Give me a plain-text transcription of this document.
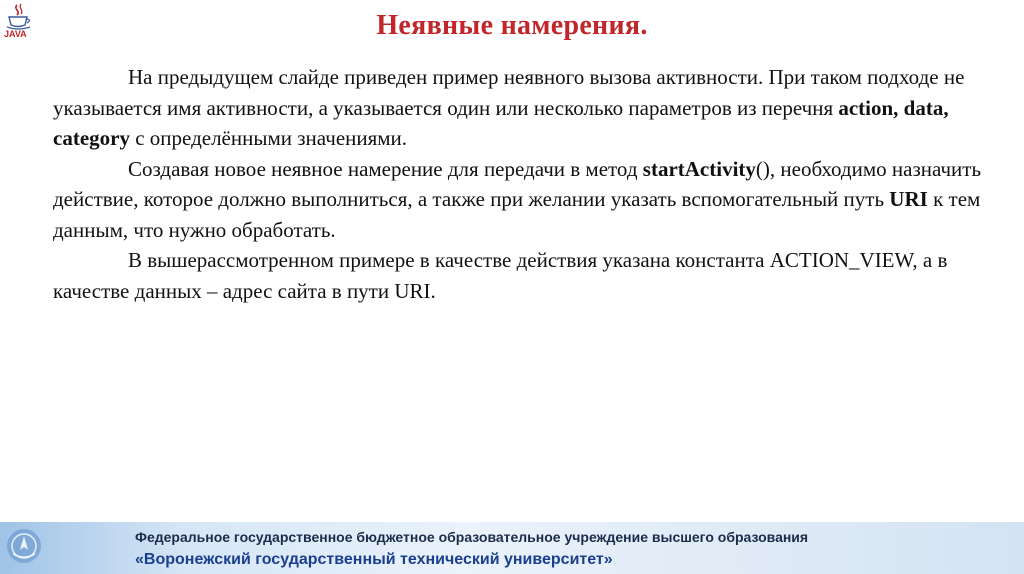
JAVA	Неявные намерения.

На предыдущем слайде приведен пример неявного вызова активности. При таком подходе не указывается имя активности, а указывается один или несколько параметров из перечня action, data, category с определёнными значениями.

Создавая новое неявное намерение для передачи в метод startActivity(), необходимо назначить действие, которое должно выполниться, а также при желании указать вспомогательный путь URI к тем данным, что нужно обработать.

В вышерассмотренном примере в качестве действия указана константа ACTION_VIEW, а в качестве данных – адрес сайта в пути URI.

Федеральное государственное бюджетное образовательное учреждение высшего образования
«Воронежский государственный технический университет»
